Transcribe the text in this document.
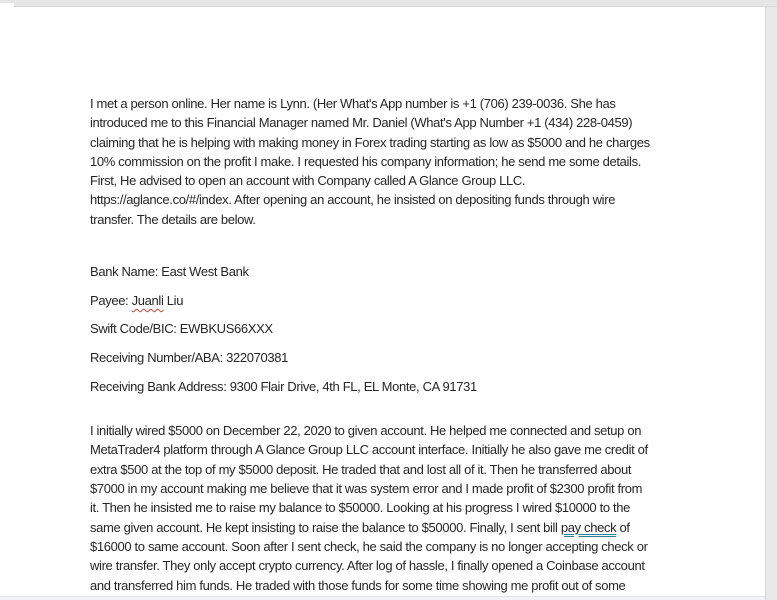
I met a person online. Her name is Lynn. (Her What's App number is +1 (706) 239-0036. She has
introduced me to this Financial Manager named Mr. Daniel (What's App Number +1 (434) 228-0459)
claiming that he is helping with making money in Forex trading starting as low as $5000 and he charges
10% commission on the profit I make. I requested his company information; he send me some details.
First, He advised to open an account with Company called A Glance Group LLC.
https://aglance.co/#/index. After opening an account, he insisted on depositing funds through wire
transfer. The details are below.
Bank Name: East West Bank
Payee: Juanli Liu
Swift Code/BIC: EWBKUS66XXX
Receiving Number/ABA: 322070381
Receiving Bank Address: 9300 Flair Drive, 4th FL, EL Monte, CA 91731
I initially wired $5000 on December 22, 2020 to given account. He helped me connected and setup on
MetaTrader4 platform through A Glance Group LLC account interface. Initially he also gave me credit of
extra $500 at the top of my $5000 deposit. He traded that and lost all of it. Then he transferred about
$7000 in my account making me believe that it was system error and I made profit of $2300 profit from
it. Then he insisted me to raise my balance to $50000. Looking at his progress I wired $10000 to the
same given account. He kept insisting to raise the balance to $50000. Finally, I sent bill pay check of
$16000 to same account. Soon after I sent check, he said the company is no longer accepting check or
wire transfer. They only accept crypto currency. After log of hassle, I finally opened a Coinbase account
and transferred him funds. He traded with those funds for some time showing me profit out of some
